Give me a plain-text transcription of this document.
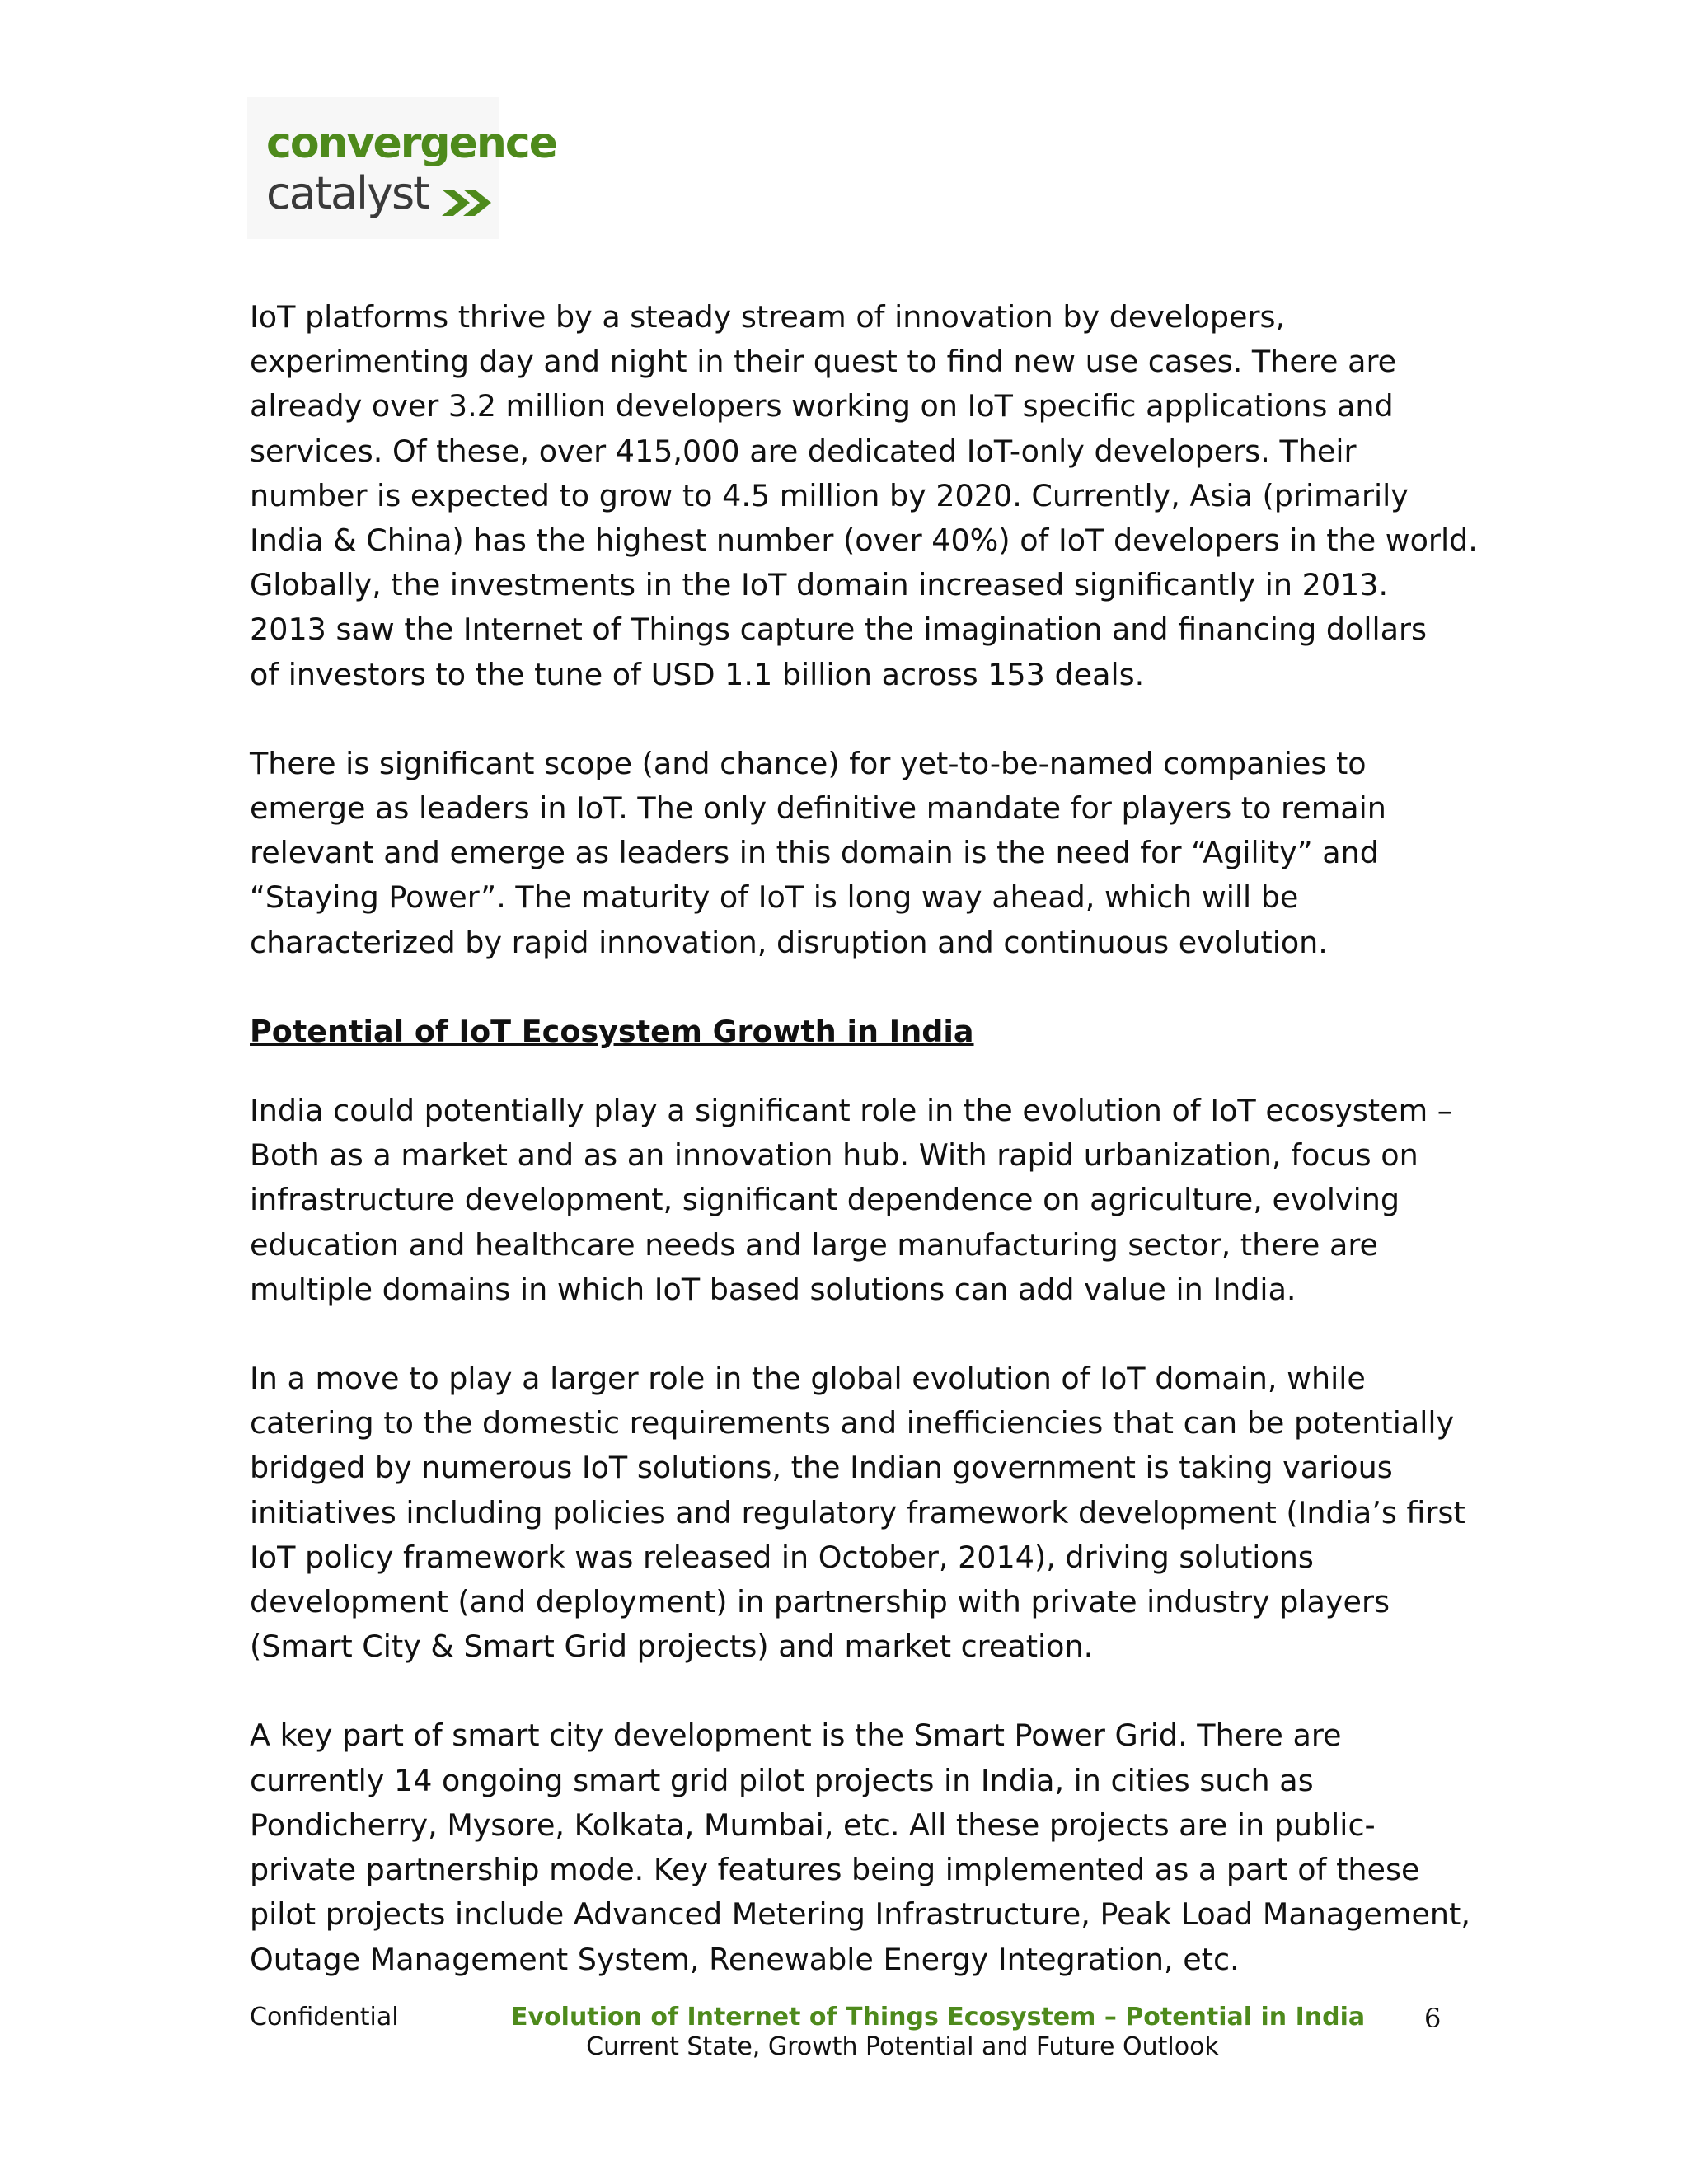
convergence
catalyst
IoT platforms thrive by a steady stream of innovation by developers,
experimenting day and night in their quest to find new use cases. There are
already over 3.2 million developers working on IoT specific applications and
services. Of these, over 415,000 are dedicated IoT-only developers. Their
number is expected to grow to 4.5 million by 2020. Currently, Asia (primarily
India & China) has the highest number (over 40%) of IoT developers in the world.
Globally, the investments in the IoT domain increased significantly in 2013.
2013 saw the Internet of Things capture the imagination and financing dollars
of investors to the tune of USD 1.1 billion across 153 deals.
There is significant scope (and chance) for yet-to-be-named companies to
emerge as leaders in IoT. The only definitive mandate for players to remain
relevant and emerge as leaders in this domain is the need for “Agility” and
“Staying Power”. The maturity of IoT is long way ahead, which will be
characterized by rapid innovation, disruption and continuous evolution.
Potential of IoT Ecosystem Growth in India
India could potentially play a significant role in the evolution of IoT ecosystem –
Both as a market and as an innovation hub. With rapid urbanization, focus on
infrastructure development, significant dependence on agriculture, evolving
education and healthcare needs and large manufacturing sector, there are
multiple domains in which IoT based solutions can add value in India.
In a move to play a larger role in the global evolution of IoT domain, while
catering to the domestic requirements and inefficiencies that can be potentially
bridged by numerous IoT solutions, the Indian government is taking various
initiatives including policies and regulatory framework development (India’s first
IoT policy framework was released in October, 2014), driving solutions
development (and deployment) in partnership with private industry players
(Smart City & Smart Grid projects) and market creation.
A key part of smart city development is the Smart Power Grid. There are
currently 14 ongoing smart grid pilot projects in India, in cities such as
Pondicherry, Mysore, Kolkata, Mumbai, etc. All these projects are in public-
private partnership mode. Key features being implemented as a part of these
pilot projects include Advanced Metering Infrastructure, Peak Load Management,
Outage Management System, Renewable Energy Integration, etc.
Confidential	Evolution of Internet of Things Ecosystem – Potential in India
Current State, Growth Potential and Future Outlook
6
